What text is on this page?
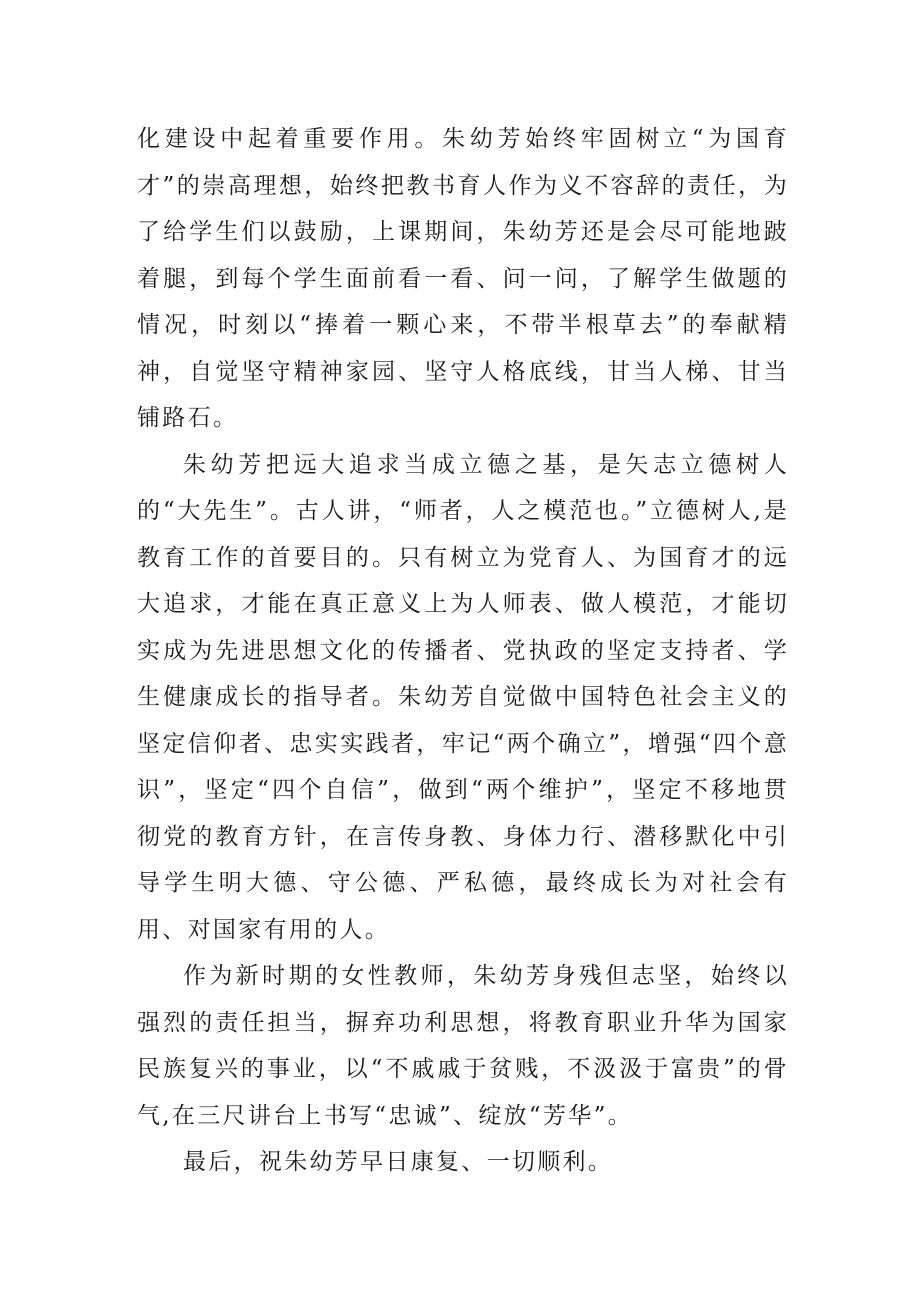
化建设中起着重要作用。朱幼芳始终牢固树立“为国育才”的崇高理想，始终把教书育人作为义不容辞的责任，为了给学生们以鼓励，上课期间，朱幼芳还是会尽可能地跛着腿，到每个学生面前看一看、问一问，了解学生做题的情况，时刻以“捧着一颗心来，不带半根草去”的奉献精神，自觉坚守精神家园、坚守人格底线，甘当人梯、甘当铺路石。

朱幼芳把远大追求当成立德之基，是矢志立德树人的“大先生”。古人讲，“师者，人之模范也。”立德树人,是教育工作的首要目的。只有树立为党育人、为国育才的远大追求，才能在真正意义上为人师表、做人模范，才能切实成为先进思想文化的传播者、党执政的坚定支持者、学生健康成长的指导者。朱幼芳自觉做中国特色社会主义的坚定信仰者、忠实实践者，牢记“两个确立”，增强“四个意识”，坚定“四个自信”，做到“两个维护”，坚定不移地贯彻党的教育方针，在言传身教、身体力行、潜移默化中引导学生明大德、守公德、严私德，最终成长为对社会有用、对国家有用的人。

作为新时期的女性教师，朱幼芳身残但志坚，始终以强烈的责任担当，摒弃功利思想，将教育职业升华为国家民族复兴的事业，以“不戚戚于贫贱，不汲汲于富贵”的骨气,在三尺讲台上书写“忠诚”、绽放“芳华”。

最后，祝朱幼芳早日康复、一切顺利。
